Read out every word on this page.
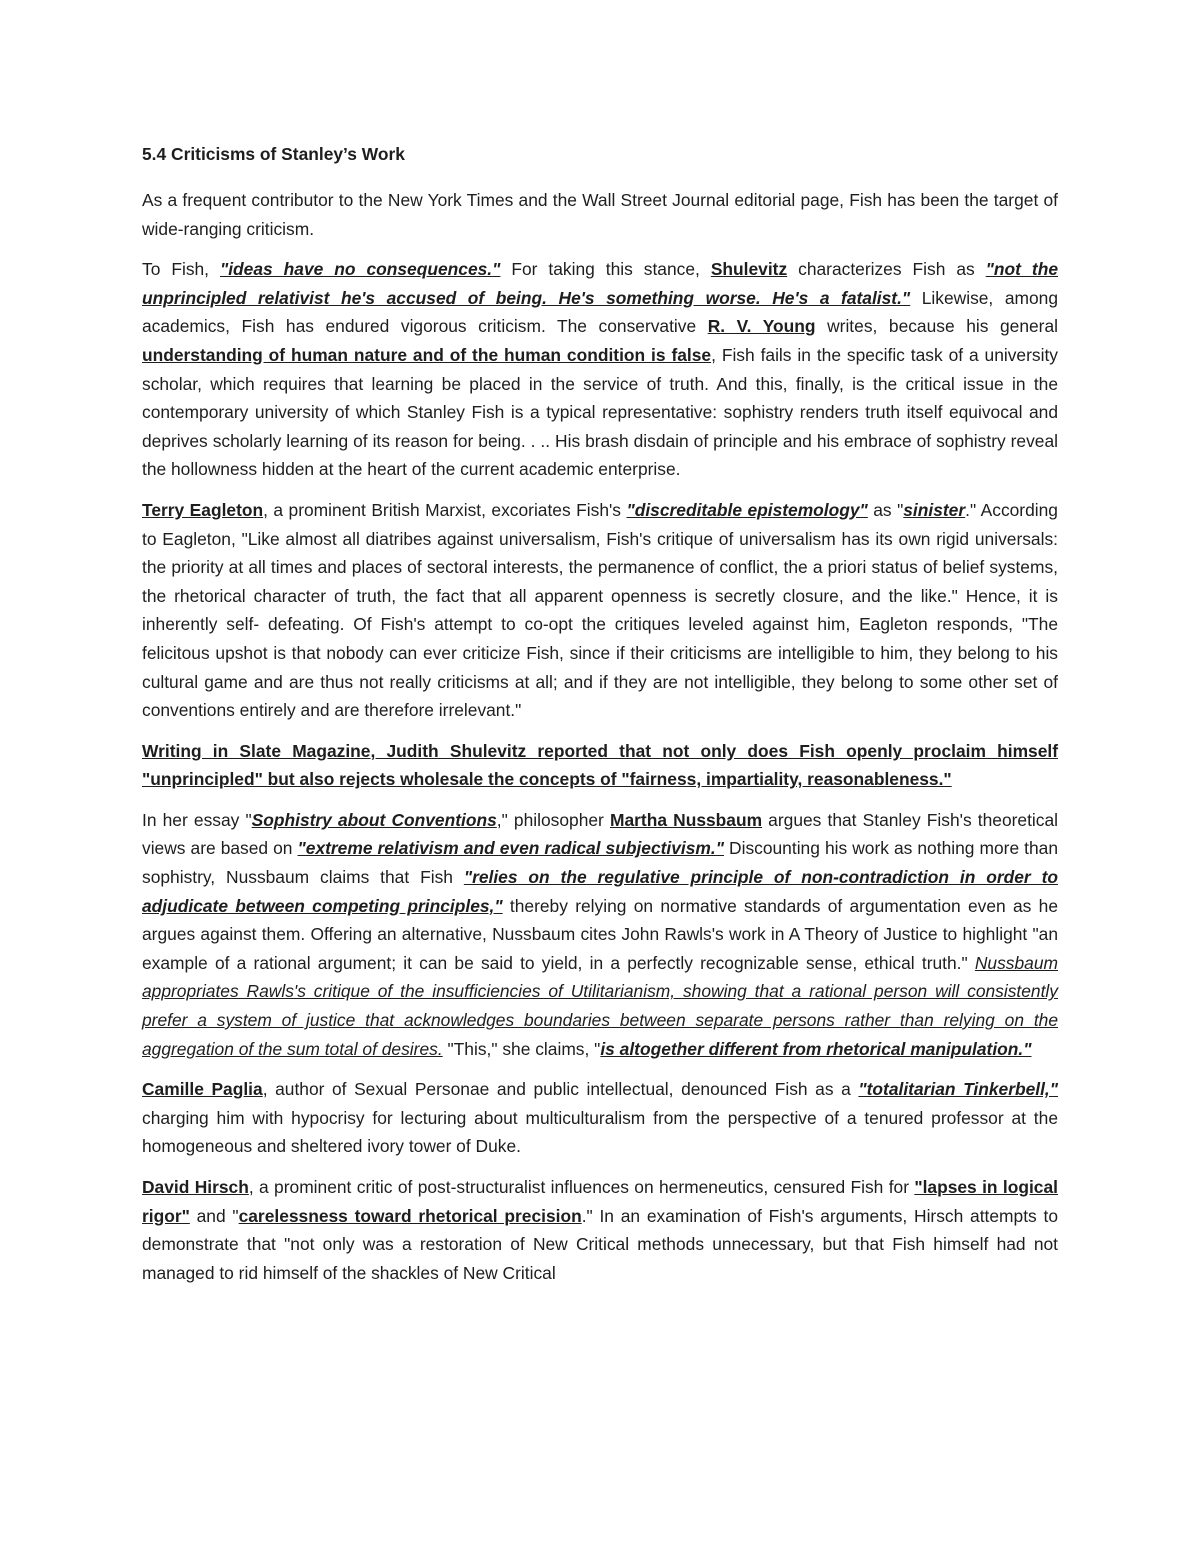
5.4 Criticisms of Stanley’s Work

As a frequent contributor to the New York Times and the Wall Street Journal editorial page, Fish has been the target of wide-ranging criticism.

To Fish, "ideas have no consequences." For taking this stance, Shulevitz characterizes Fish as "not the unprincipled relativist he's accused of being. He's something worse. He's a fatalist." Likewise, among academics, Fish has endured vigorous criticism. The conservative R. V. Young writes, because his general understanding of human nature and of the human condition is false, Fish fails in the specific task of a university scholar, which requires that learning be placed in the service of truth. And this, finally, is the critical issue in the contemporary university of which Stanley Fish is a typical representative: sophistry renders truth itself equivocal and deprives scholarly learning of its reason for being. . .. His brash disdain of principle and his embrace of sophistry reveal the hollowness hidden at the heart of the current academic enterprise.

Terry Eagleton, a prominent British Marxist, excoriates Fish's "discreditable epistemology" as "sinister." According to Eagleton, "Like almost all diatribes against universalism, Fish's critique of universalism has its own rigid universals: the priority at all times and places of sectoral interests, the permanence of conflict, the a priori status of belief systems, the rhetorical character of truth, the fact that all apparent openness is secretly closure, and the like." Hence, it is inherently self- defeating. Of Fish's attempt to co-opt the critiques leveled against him, Eagleton responds, "The felicitous upshot is that nobody can ever criticize Fish, since if their criticisms are intelligible to him, they belong to his cultural game and are thus not really criticisms at all; and if they are not intelligible, they belong to some other set of conventions entirely and are therefore irrelevant."

Writing in Slate Magazine, Judith Shulevitz reported that not only does Fish openly proclaim himself "unprincipled" but also rejects wholesale the concepts of "fairness, impartiality, reasonableness."

In her essay "Sophistry about Conventions," philosopher Martha Nussbaum argues that Stanley Fish's theoretical views are based on "extreme relativism and even radical subjectivism." Discounting his work as nothing more than sophistry, Nussbaum claims that Fish "relies on the regulative principle of non-contradiction in order to adjudicate between competing principles," thereby relying on normative standards of argumentation even as he argues against them. Offering an alternative, Nussbaum cites John Rawls's work in A Theory of Justice to highlight "an example of a rational argument; it can be said to yield, in a perfectly recognizable sense, ethical truth." Nussbaum appropriates Rawls's critique of the insufficiencies of Utilitarianism, showing that a rational person will consistently prefer a system of justice that acknowledges boundaries between separate persons rather than relying on the aggregation of the sum total of desires. "This," she claims, "is altogether different from rhetorical manipulation."

Camille Paglia, author of Sexual Personae and public intellectual, denounced Fish as a "totalitarian Tinkerbell," charging him with hypocrisy for lecturing about multiculturalism from the perspective of a tenured professor at the homogeneous and sheltered ivory tower of Duke.

David Hirsch, a prominent critic of post-structuralist influences on hermeneutics, censured Fish for "lapses in logical rigor" and "carelessness toward rhetorical precision." In an examination of Fish's arguments, Hirsch attempts to demonstrate that "not only was a restoration of New Critical methods unnecessary, but that Fish himself had not managed to rid himself of the shackles of New Critical
